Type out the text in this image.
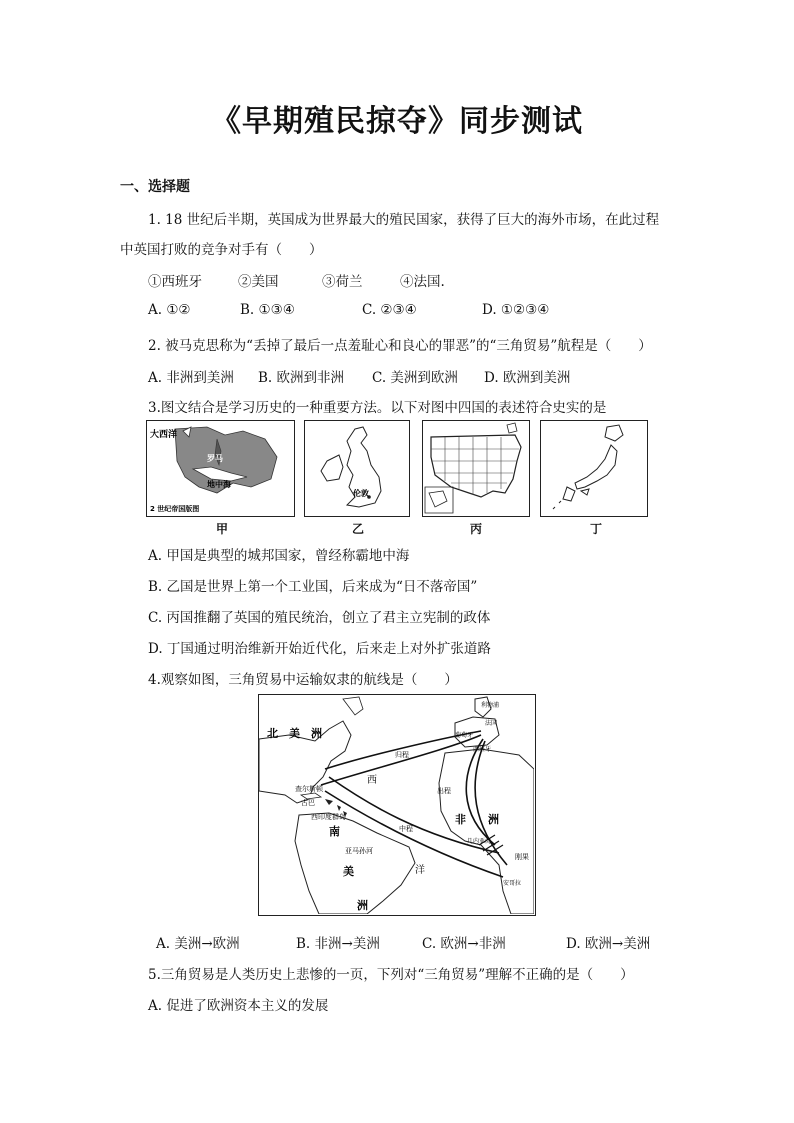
《早期殖民掠夺》同步测试
一、选择题
1. 18 世纪后半期，英国成为世界最大的殖民国家，获得了巨大的海外市场，在此过程
中英国打败的竞争对手有（　　）
①西班牙	②美国	③荷兰	④法国.
A. ①②	B. ①③④	C. ②③④	D. ①②③④
2. 被马克思称为“丢掉了最后一点羞耻心和良心的罪恶”的“三角贸易”航程是（　　）
A. 非洲到美洲 B. 欧洲到非洲 C. 美洲到欧洲 D. 欧洲到美洲
3.图文结合是学习历史的一种重要方法。以下对图中四国的表述符合史实的是
大西洋
罗马
地中海
2 世纪帝国版图
伦敦
甲	乙	丙	丁
A. 甲国是典型的城邦国家，曾经称霸地中海
B. 乙国是世界上第一个工业国，后来成为“日不落帝国”
C. 丙国推翻了英国的殖民统治，创立了君主立宪制的政体
D. 丁国通过明治维新开始近代化，后来走上对外扩张道路
4.观察如图，三角贸易中运输奴隶的航线是（　　）
北　美　洲
查尔斯顿
古巴
西印度群岛
南
亚马孙河
美
洲
西
洋
非　　洲
归程
出程
中程
利物浦
法国
葡萄牙
西班牙
几内亚湾
刚果
安哥拉
A. 美洲→欧洲	B. 非洲→美洲	C. 欧洲→非洲	D. 欧洲→美洲
5.三角贸易是人类历史上悲惨的一页，下列对“三角贸易”理解不正确的是（　　）
A. 促进了欧洲资本主义的发展
